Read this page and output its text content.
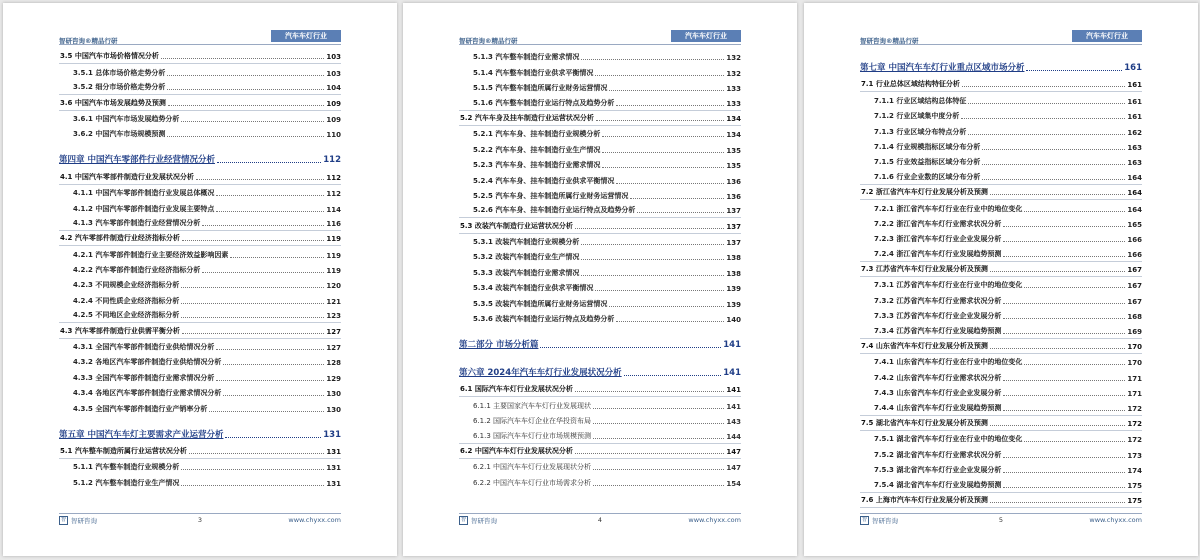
智研咨询®精品行研
汽车车灯行业
3.5 中国汽车市场价格情况分析	103
3.5.1 总体市场价格走势分析	103
3.5.2 细分市场价格走势分析	104
3.6 中国汽车市场发展趋势及预测	109
3.6.1 中国汽车市场发展趋势分析	109
3.6.2 中国汽车市场规模预测	110
第四章 中国汽车零部件行业经营情况分析	112
4.1 中国汽车零部件制造行业发展状况分析	112
4.1.1 中国汽车零部件制造行业发展总体概况	112
4.1.2 中国汽车零部件制造行业发展主要特点	114
4.1.3 汽车零部件制造行业经营情况分析	116
4.2 汽车零部件制造行业经济指标分析	119
4.2.1 汽车零部件制造行业主要经济效益影响因素	119
4.2.2 汽车零部件制造行业经济指标分析	119
4.2.3 不同规模企业经济指标分析	120
4.2.4 不同性质企业经济指标分析	121
4.2.5 不同地区企业经济指标分析	123
4.3 汽车零部件制造行业供需平衡分析	127
4.3.1 全国汽车零部件制造行业供给情况分析	127
4.3.2 各地区汽车零部件制造行业供给情况分析	128
4.3.3 全国汽车零部件制造行业需求情况分析	129
4.3.4 各地区汽车零部件制造行业需求情况分析	130
4.3.5 全国汽车零部件制造行业产销率分析	130
第五章 中国汽车车灯主要需求产业运营分析	131
5.1 汽车整车制造所属行业运营状况分析	131
5.1.1 汽车整车制造行业规模分析	131
5.1.2 汽车整车制造行业生产情况	131
智 智研咨询	3	www.chyxx.com
智研咨询®精品行研
汽车车灯行业
5.1.3 汽车整车制造行业需求情况	132
5.1.4 汽车整车制造行业供求平衡情况	132
5.1.5 汽车整车制造所属行业财务运营情况	133
5.1.6 汽车整车制造行业运行特点及趋势分析	133
5.2 汽车车身及挂车制造行业运营状况分析	134
5.2.1 汽车车身、挂车制造行业规模分析	134
5.2.2 汽车车身、挂车制造行业生产情况	135
5.2.3 汽车车身、挂车制造行业需求情况	135
5.2.4 汽车车身、挂车制造行业供求平衡情况	136
5.2.5 汽车车身、挂车制造所属行业财务运营情况	136
5.2.6 汽车车身、挂车制造行业运行特点及趋势分析	137
5.3 改装汽车制造行业运营状况分析	137
5.3.1 改装汽车制造行业规模分析	137
5.3.2 改装汽车制造行业生产情况	138
5.3.3 改装汽车制造行业需求情况	138
5.3.4 改装汽车制造行业供求平衡情况	139
5.3.5 改装汽车制造所属行业财务运营情况	139
5.3.6 改装汽车制造行业运行特点及趋势分析	140
第二部分 市场分析篇	141
第六章 2024年汽车车灯行业发展状况分析	141
6.1 国际汽车车灯行业发展状况分析	141
6.1.1 主要国家汽车车灯行业发展现状	141
6.1.2 国际汽车车灯企业在华投资布局	143
6.1.3 国际汽车车灯行业市场规模预测	144
6.2 中国汽车车灯行业发展状况分析	147
6.2.1 中国汽车车灯行业发展现状分析	147
6.2.2 中国汽车车灯行业市场需求分析	154
智 智研咨询	4	www.chyxx.com
智研咨询®精品行研
汽车车灯行业
第七章 中国汽车车灯行业重点区域市场分析	161
7.1 行业总体区域结构特征分析	161
7.1.1 行业区域结构总体特征	161
7.1.2 行业区域集中度分析	161
7.1.3 行业区域分布特点分析	162
7.1.4 行业规模指标区域分布分析	163
7.1.5 行业效益指标区域分布分析	163
7.1.6 行业企业数的区域分布分析	164
7.2 浙江省汽车车灯行业发展分析及预测	164
7.2.1 浙江省汽车车灯行业在行业中的地位变化	164
7.2.2 浙江省汽车车灯行业需求状况分析	165
7.2.3 浙江省汽车车灯行业企业发展分析	166
7.2.4 浙江省汽车车灯行业发展趋势预测	166
7.3 江苏省汽车车灯行业发展分析及预测	167
7.3.1 江苏省汽车车灯行业在行业中的地位变化	167
7.3.2 江苏省汽车车灯行业需求状况分析	167
7.3.3 江苏省汽车车灯行业企业发展分析	168
7.3.4 江苏省汽车车灯行业发展趋势预测	169
7.4 山东省汽车车灯行业发展分析及预测	170
7.4.1 山东省汽车车灯行业在行业中的地位变化	170
7.4.2 山东省汽车车灯行业需求状况分析	171
7.4.3 山东省汽车车灯行业企业发展分析	171
7.4.4 山东省汽车车灯行业发展趋势预测	172
7.5 湖北省汽车车灯行业发展分析及预测	172
7.5.1 湖北省汽车车灯行业在行业中的地位变化	172
7.5.2 湖北省汽车车灯行业需求状况分析	173
7.5.3 湖北省汽车车灯行业企业发展分析	174
7.5.4 湖北省汽车车灯行业发展趋势预测	175
7.6 上海市汽车车灯行业发展分析及预测	175
智 智研咨询	5	www.chyxx.com
